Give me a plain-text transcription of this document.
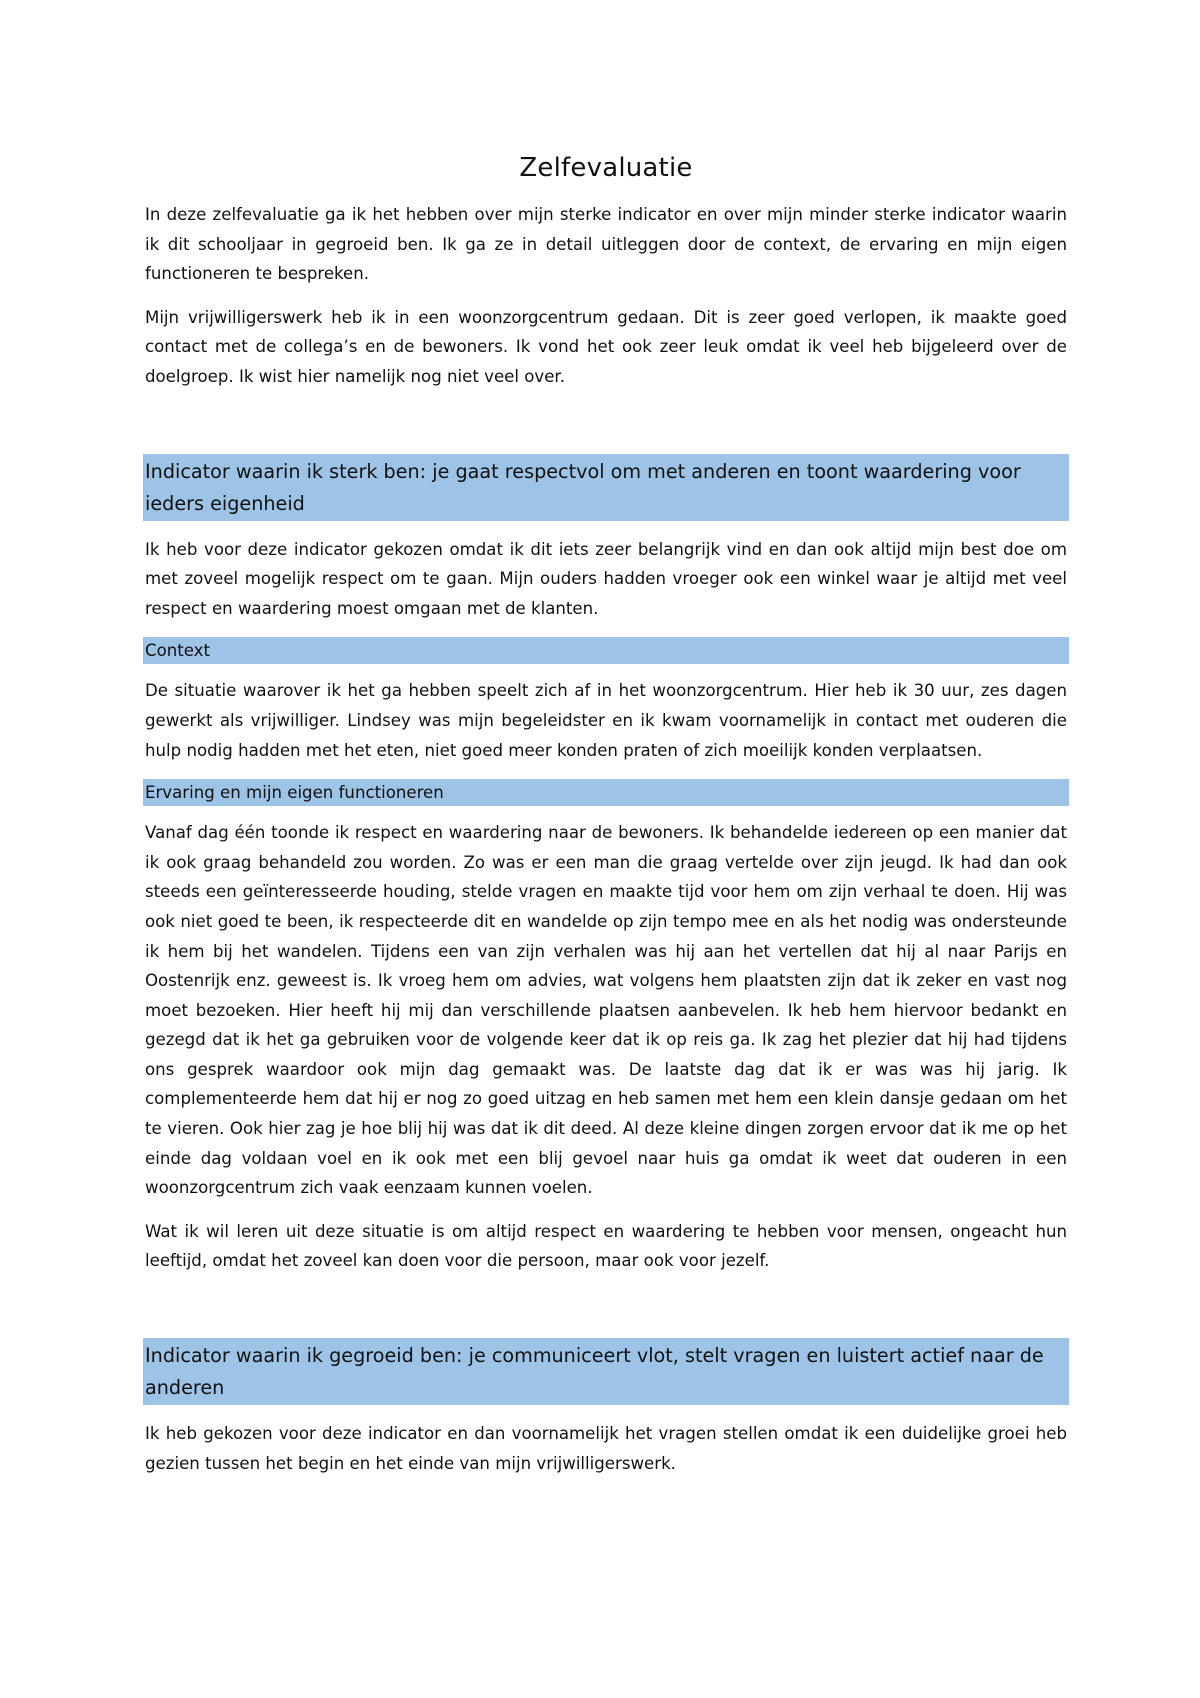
Zelfevaluatie

In deze zelfevaluatie ga ik het hebben over mijn sterke indicator en over mijn minder sterke indicator waarin ik dit schooljaar in gegroeid ben. Ik ga ze in detail uitleggen door de context, de ervaring en mijn eigen functioneren te bespreken.

Mijn vrijwilligerswerk heb ik in een woonzorgcentrum gedaan. Dit is zeer goed verlopen, ik maakte goed contact met de collega’s en de bewoners. Ik vond het ook zeer leuk omdat ik veel heb bijgeleerd over de doelgroep. Ik wist hier namelijk nog niet veel over.

Indicator waarin ik sterk ben: je gaat respectvol om met anderen en toont waardering voor ieders eigenheid

Ik heb voor deze indicator gekozen omdat ik dit iets zeer belangrijk vind en dan ook altijd mijn best doe om met zoveel mogelijk respect om te gaan. Mijn ouders hadden vroeger ook een winkel waar je altijd met veel respect en waardering moest omgaan met de klanten.

Context

De situatie waarover ik het ga hebben speelt zich af in het woonzorgcentrum. Hier heb ik 30 uur, zes dagen gewerkt als vrijwilliger. Lindsey was mijn begeleidster en ik kwam voornamelijk in contact met ouderen die hulp nodig hadden met het eten, niet goed meer konden praten of zich moeilijk konden verplaatsen.

Ervaring en mijn eigen functioneren

Vanaf dag één toonde ik respect en waardering naar de bewoners. Ik behandelde iedereen op een manier dat ik ook graag behandeld zou worden. Zo was er een man die graag vertelde over zijn jeugd. Ik had dan ook steeds een geïnteresseerde houding, stelde vragen en maakte tijd voor hem om zijn verhaal te doen. Hij was ook niet goed te been, ik respecteerde dit en wandelde op zijn tempo mee en als het nodig was ondersteunde ik hem bij het wandelen. Tijdens een van zijn verhalen was hij aan het vertellen dat hij al naar Parijs en Oostenrijk enz. geweest is. Ik vroeg hem om advies, wat volgens hem plaatsten zijn dat ik zeker en vast nog moet bezoeken. Hier heeft hij mij dan verschillende plaatsen aanbevelen. Ik heb hem hiervoor bedankt en gezegd dat ik het ga gebruiken voor de volgende keer dat ik op reis ga. Ik zag het plezier dat hij had tijdens ons gesprek waardoor ook mijn dag gemaakt was. De laatste dag dat ik er was was hij jarig. Ik complementeerde hem dat hij er nog zo goed uitzag en heb samen met hem een klein dansje gedaan om het te vieren. Ook hier zag je hoe blij hij was dat ik dit deed. Al deze kleine dingen zorgen ervoor dat ik me op het einde dag voldaan voel en ik ook met een blij gevoel naar huis ga omdat ik weet dat ouderen in een woonzorgcentrum zich vaak eenzaam kunnen voelen.

Wat ik wil leren uit deze situatie is om altijd respect en waardering te hebben voor mensen, ongeacht hun leeftijd, omdat het zoveel kan doen voor die persoon, maar ook voor jezelf.

Indicator waarin ik gegroeid ben: je communiceert vlot, stelt vragen en luistert actief naar de anderen

Ik heb gekozen voor deze indicator en dan voornamelijk het vragen stellen omdat ik een duidelijke groei heb gezien tussen het begin en het einde van mijn vrijwilligerswerk.
